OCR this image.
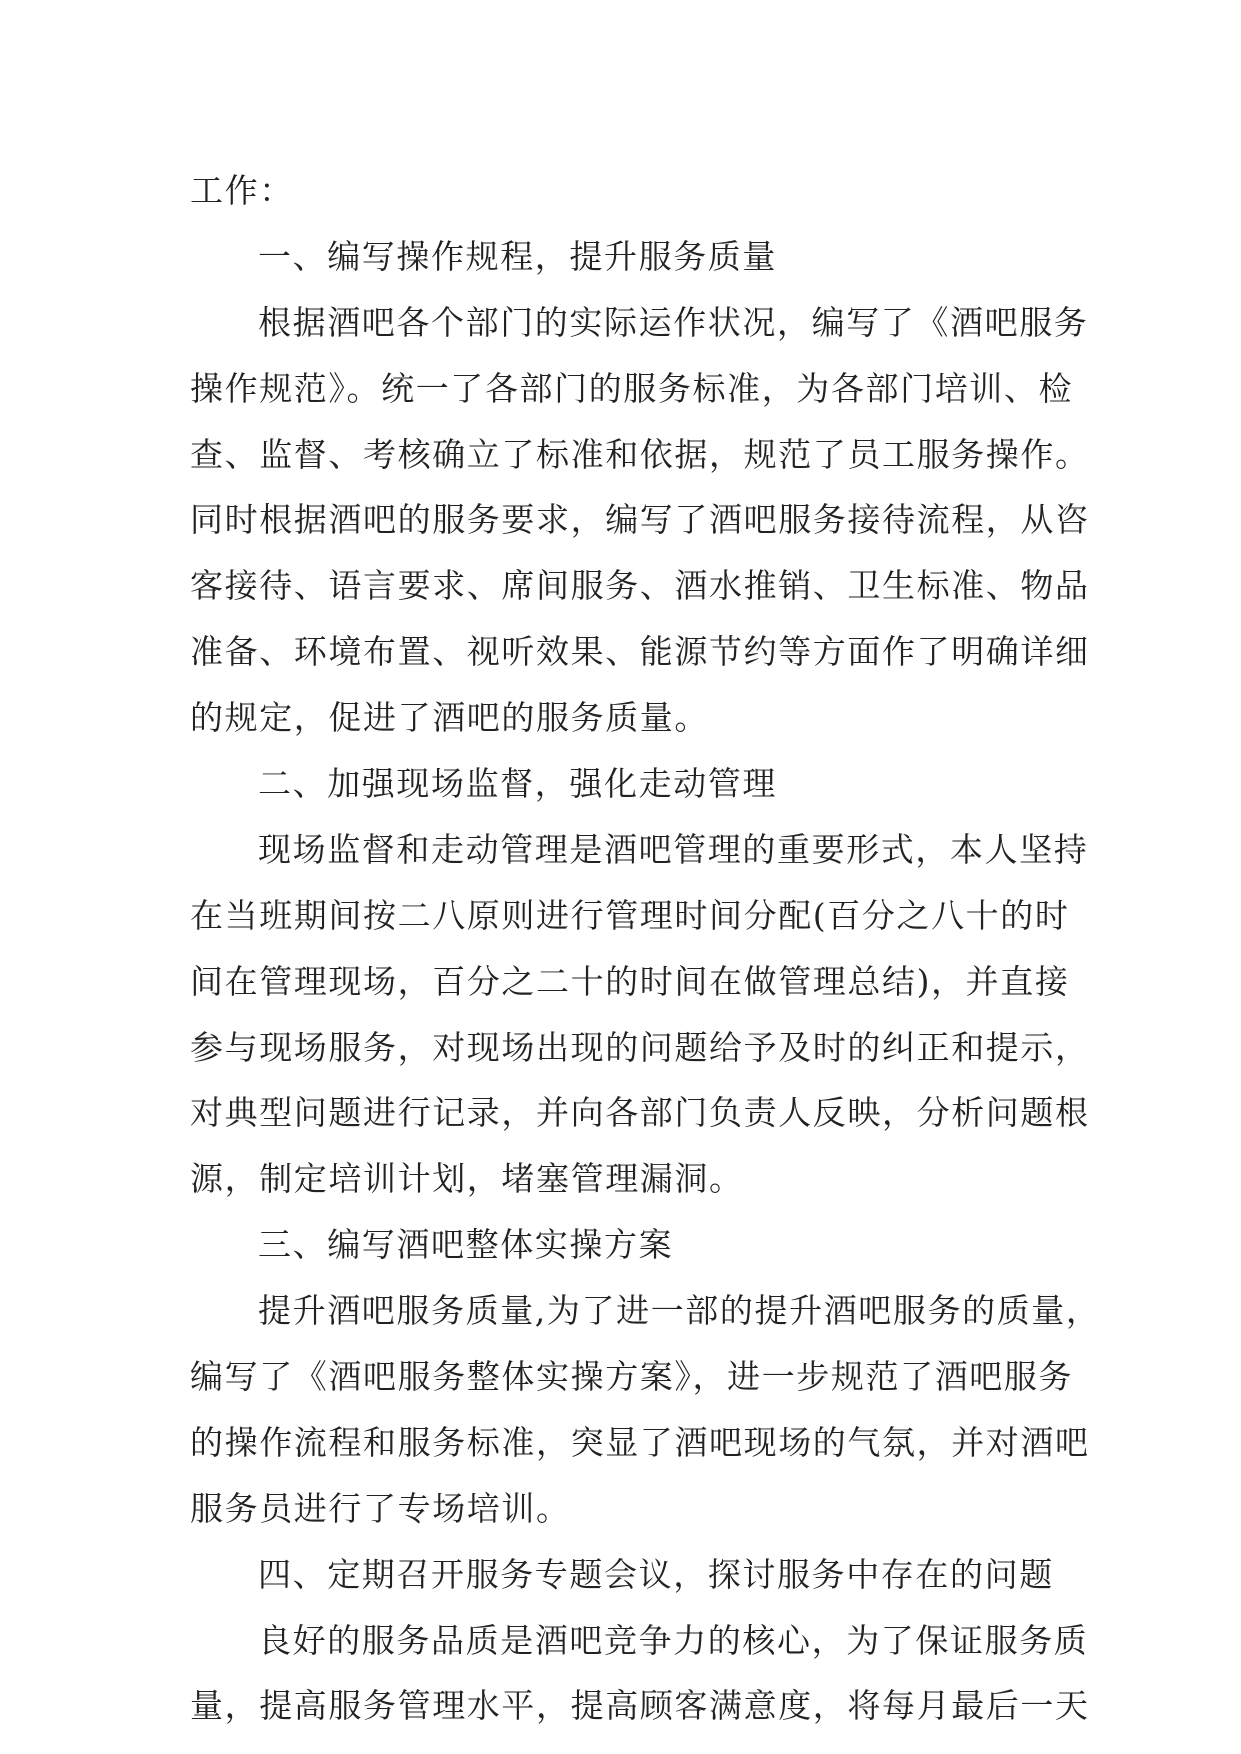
工作：
一、编写操作规程，提升服务质量
根据酒吧各个部门的实际运作状况，编写了《酒吧服务
操作规范》。统一了各部门的服务标准，为各部门培训、检
查、监督、考核确立了标准和依据，规范了员工服务操作。
同时根据酒吧的服务要求，编写了酒吧服务接待流程，从咨
客接待、语言要求、席间服务、酒水推销、卫生标准、物品
准备、环境布置、视听效果、能源节约等方面作了明确详细
的规定，促进了酒吧的服务质量。
二、加强现场监督，强化走动管理
现场监督和走动管理是酒吧管理的重要形式，本人坚持
在当班期间按二八原则进行管理时间分配(百分之八十的时
间在管理现场，百分之二十的时间在做管理总结)，并直接
参与现场服务，对现场出现的问题给予及时的纠正和提示，
对典型问题进行记录，并向各部门负责人反映，分析问题根
源，制定培训计划，堵塞管理漏洞。
三、编写酒吧整体实操方案
提升酒吧服务质量,为了进一部的提升酒吧服务的质量，
编写了《酒吧服务整体实操方案》，进一步规范了酒吧服务
的操作流程和服务标准，突显了酒吧现场的气氛，并对酒吧
服务员进行了专场培训。
四、定期召开服务专题会议，探讨服务中存在的问题
良好的服务品质是酒吧竞争力的核心，为了保证服务质
量，提高服务管理水平，提高顾客满意度，将每月最后一天
